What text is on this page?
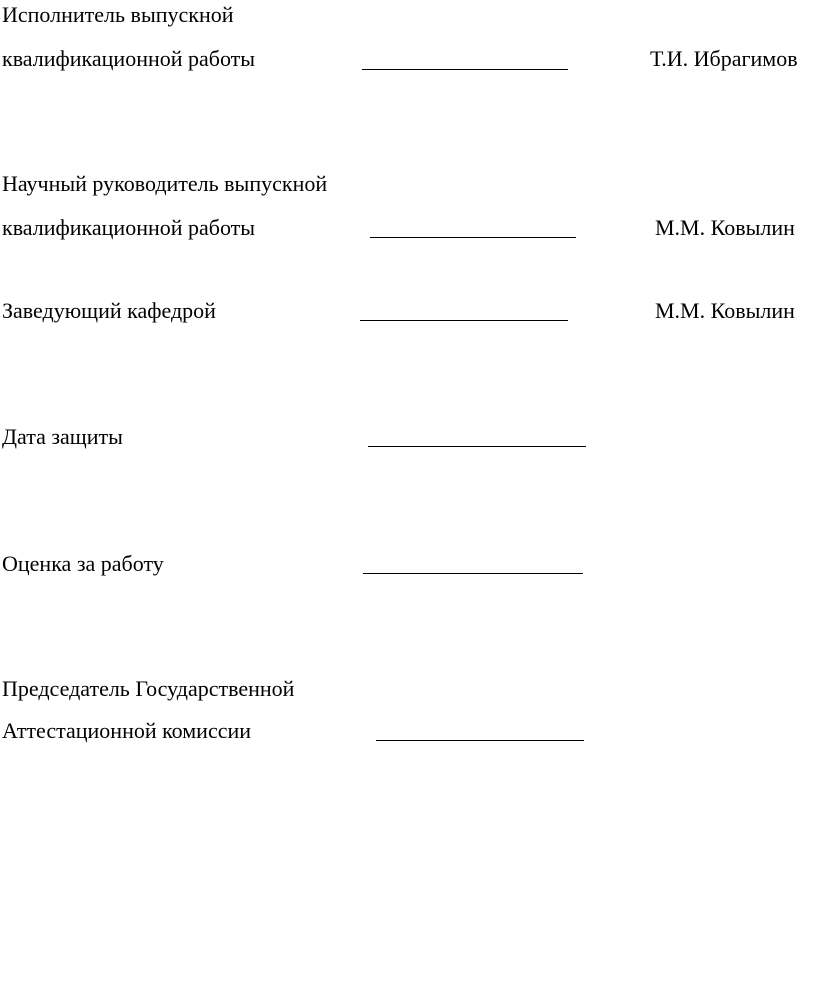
Исполнитель выпускной
квалификационной работы	Т.И. Ибрагимов
Научный руководитель выпускной
квалификационной работы	М.М. Ковылин
Заведующий кафедрой	М.М. Ковылин
Дата защиты
Оценка за работу
Председатель Государственной
Аттестационной комиссии
